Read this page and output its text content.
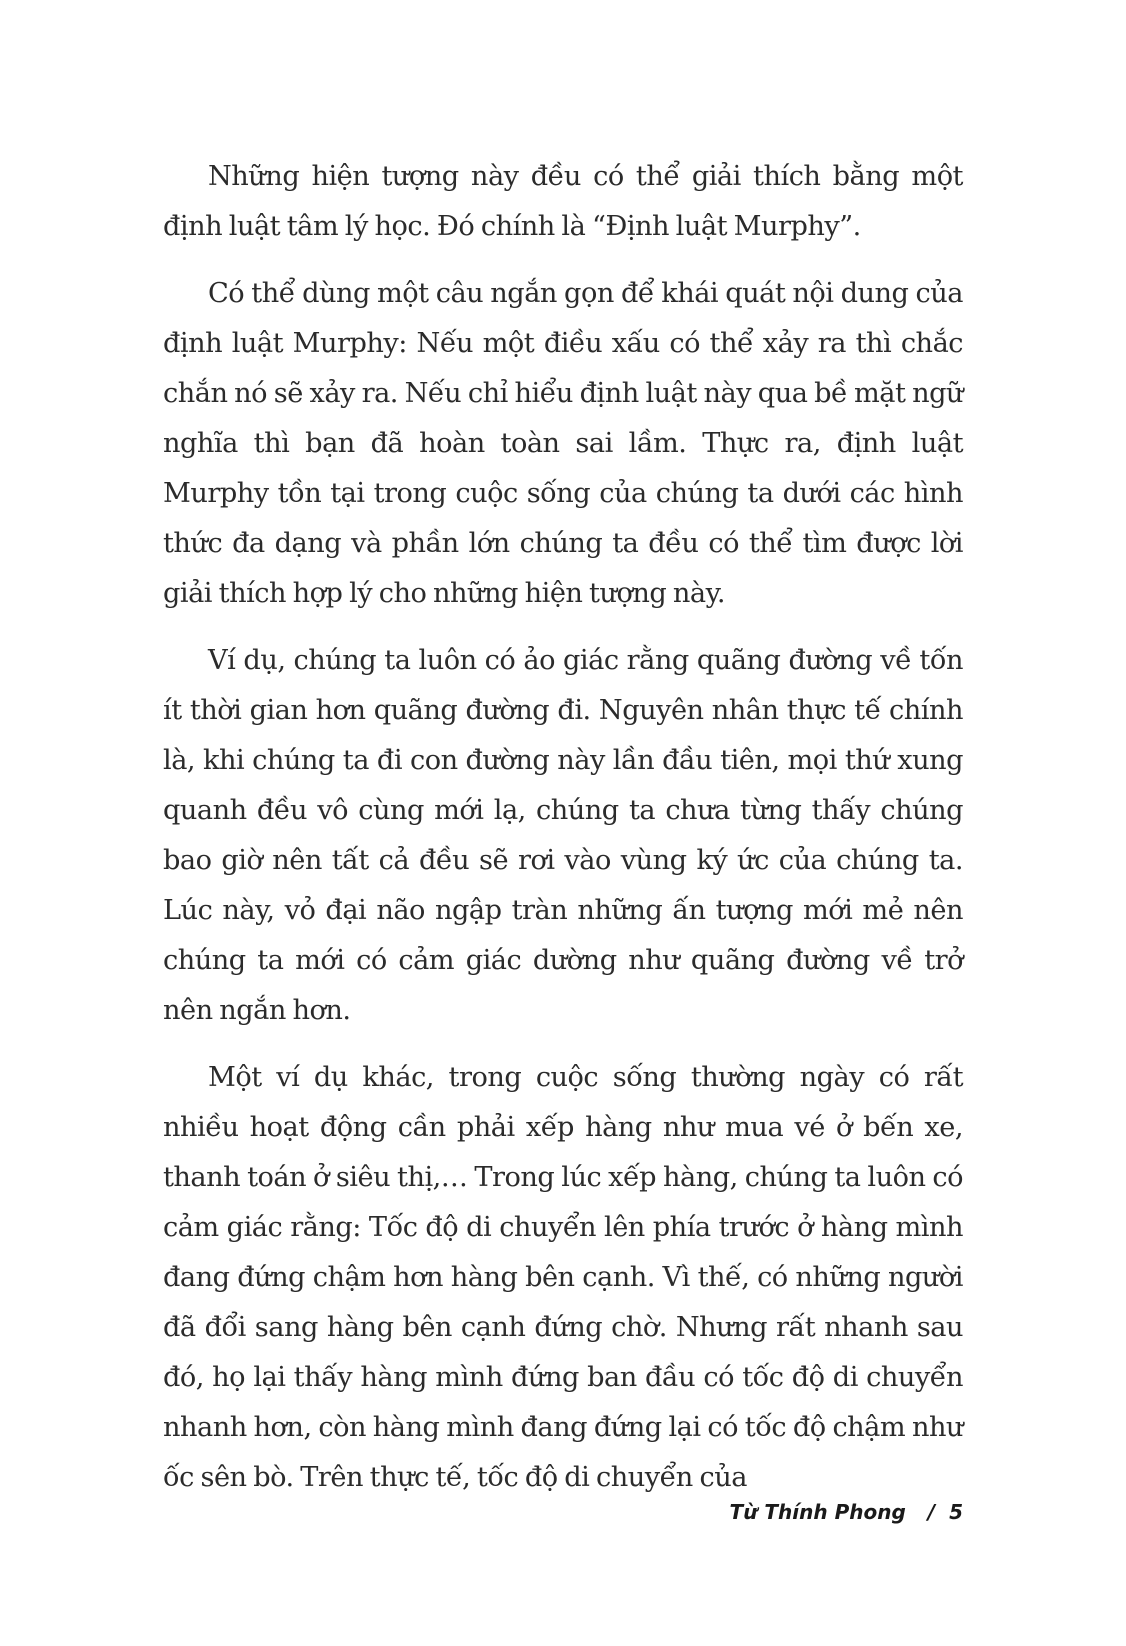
Những hiện tượng này đều có thể giải thích bằng một định luật tâm lý học. Đó chính là “Định luật Murphy”.

Có thể dùng một câu ngắn gọn để khái quát nội dung của định luật Murphy: Nếu một điều xấu có thể xảy ra thì chắc chắn nó sẽ xảy ra. Nếu chỉ hiểu định luật này qua bề mặt ngữ nghĩa thì bạn đã hoàn toàn sai lầm. Thực ra, định luật Murphy tồn tại trong cuộc sống của chúng ta dưới các hình thức đa dạng và phần lớn chúng ta đều có thể tìm được lời giải thích hợp lý cho những hiện tượng này.

Ví dụ, chúng ta luôn có ảo giác rằng quãng đường về tốn ít thời gian hơn quãng đường đi. Nguyên nhân thực tế chính là, khi chúng ta đi con đường này lần đầu tiên, mọi thứ xung quanh đều vô cùng mới lạ, chúng ta chưa từng thấy chúng bao giờ nên tất cả đều sẽ rơi vào vùng ký ức của chúng ta. Lúc này, vỏ đại não ngập tràn những ấn tượng mới mẻ nên chúng ta mới có cảm giác dường như quãng đường về trở nên ngắn hơn.

Một ví dụ khác, trong cuộc sống thường ngày có rất nhiều hoạt động cần phải xếp hàng như mua vé ở bến xe, thanh toán ở siêu thị,… Trong lúc xếp hàng, chúng ta luôn có cảm giác rằng: Tốc độ di chuyển lên phía trước ở hàng mình đang đứng chậm hơn hàng bên cạnh. Vì thế, có những người đã đổi sang hàng bên cạnh đứng chờ. Nhưng rất nhanh sau đó, họ lại thấy hàng mình đứng ban đầu có tốc độ di chuyển nhanh hơn, còn hàng mình đang đứng lại có tốc độ chậm như ốc sên bò. Trên thực tế, tốc độ di chuyển của

Từ Thính Phong / 5
